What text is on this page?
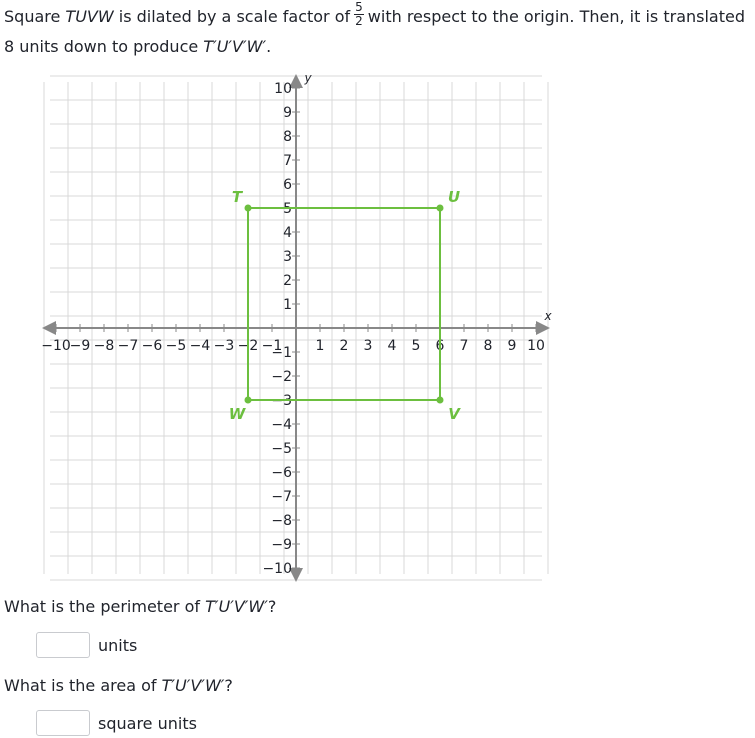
Square TUVW is dilated by a scale factor of $\frac{5}{2}$ with respect to the origin. Then, it is translated
8 units down to produce T′U′V′W′.
x
y
−10
−9 −8 −7 −6 −5 −4 −3 −2 −1 1 2 3 4 5 6 7 8 9 10
10
9
8
7
6
5
4
3
2
1
−1
−2
−3
−4
−5
−6
−7
−8
−9
−10
T	U
V
W
What is the perimeter of T′U′V′W′?
units
What is the area of T′U′V′W′?
square units
